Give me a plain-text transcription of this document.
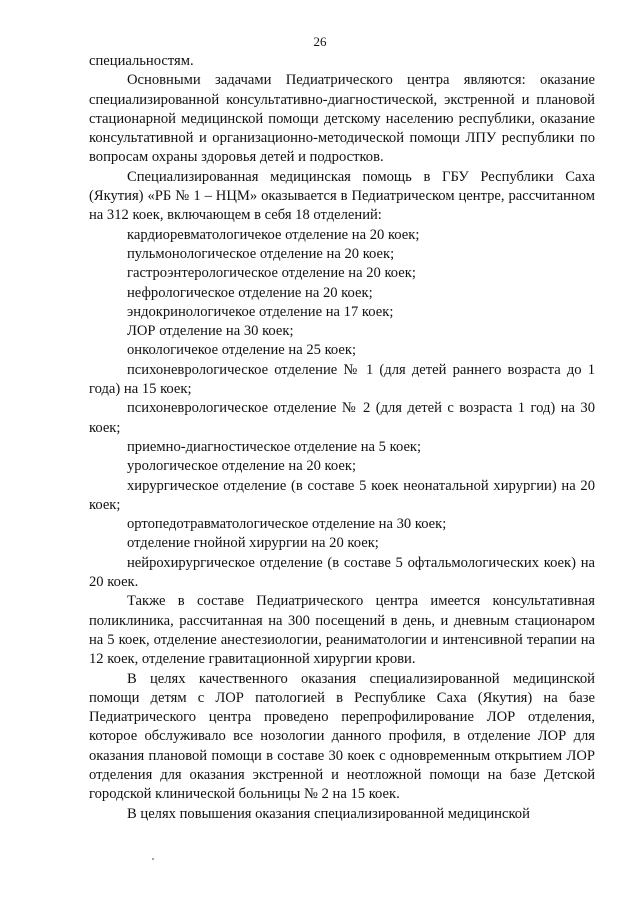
26

специальностям.

Основными задачами Педиатрического центра являются: оказание специализированной консультативно-диагностической, экстренной и плановой стационарной медицинской помощи детскому населению республики, оказание консультативной и организационно-методической помощи ЛПУ республики по вопросам охраны здоровья детей и подростков.

Специализированная медицинская помощь в ГБУ Республики Саха (Якутия) «РБ № 1 – НЦМ» оказывается в Педиатрическом центре, рассчитанном на 312 коек, включающем в себя 18 отделений:

кардиоревматологичекое отделение на 20 коек;

пульмонологическое отделение на 20 коек;

гастроэнтерологическое отделение на 20 коек;

нефрологическое отделение на 20 коек;

эндокринологичекое отделение на 17 коек;

ЛОР отделение на 30 коек;

онкологичекое отделение на 25 коек;

психоневрологическое отделение № 1 (для детей раннего возраста до 1 года) на 15 коек;

психоневрологическое отделение № 2 (для детей с возраста 1 год) на 30 коек;

приемно-диагностическое отделение на 5 коек;

урологическое отделение на 20 коек;

хирургическое отделение (в составе 5 коек неонатальной хирургии) на 20 коек;

ортопедотравматологическое отделение на 30 коек;

отделение гнойной хирургии на 20 коек;

нейрохирургическое отделение (в составе 5 офтальмологических коек) на 20 коек.

Также в составе Педиатрического центра имеется консультативная поликлиника, рассчитанная на 300 посещений в день, и дневным стационаром на 5 коек, отделение анестезиологии, реаниматологии и интенсивной терапии на 12 коек, отделение гравитационной хирургии крови.

В целях качественного оказания специализированной медицинской помощи детям с ЛОР патологией в Республике Саха (Якутия) на базе Педиатрического центра проведено перепрофилирование ЛОР отделения, которое обслуживало все нозологии данного профиля, в отделение ЛОР для оказания плановой помощи в составе 30 коек с одновременным открытием ЛОР отделения для оказания экстренной и неотложной помощи на базе Детской городской клинической больницы № 2 на 15 коек.

В целях повышения оказания специализированной медицинской
